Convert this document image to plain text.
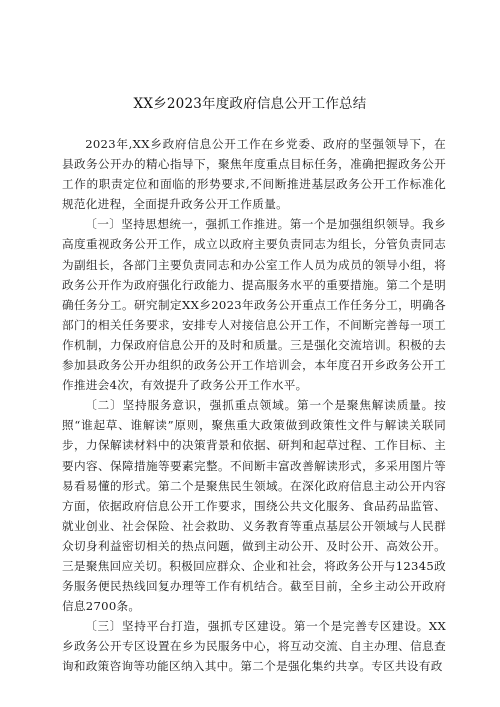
XX乡2023年度政府信息公开工作总结

2023年,XX乡政府信息公开工作在乡党委、政府的坚强领导下，在县政务公开办的精心指导下，聚焦年度重点目标任务，准确把握政务公开工作的职责定位和面临的形势要求,不间断推进基层政务公开工作标准化规范化进程，全面提升政务公开工作质量。

〔一〕坚持思想统一，强抓工作推进。第一个是加强组织领导。我乡高度重视政务公开工作，成立以政府主要负责同志为组长，分管负责同志为副组长，各部门主要负责同志和办公室工作人员为成员的领导小组，将政务公开作为政府强化行政能力、提高服务水平的重要措施。第二个是明确任务分工。研究制定XX乡2023年政务公开重点工作任务分工，明确各部门的相关任务要求，安排专人对接信息公开工作，不间断完善每一项工作机制，力保政府信息公开的及时和质量。三是强化交流培训。积极的去参加县政务公开办组织的政务公开工作培训会，本年度召开乡政务公开工作推进会4次，有效提升了政务公开工作水平。

〔二〕坚持服务意识，强抓重点领域。第一个是聚焦解读质量。按照“谁起草、谁解读”原则，聚焦重大政策做到政策性文件与解读关联同步，力保解读材料中的决策背景和依据、研判和起草过程、工作目标、主要内容、保障措施等要素完整。不间断丰富改善解读形式，多采用图片等易看易懂的形式。第二个是聚焦民生领域。在深化政府信息主动公开内容方面，依据政府信息公开工作要求，围绕公共文化服务、食品药品监管、就业创业、社会保险、社会救助、义务教育等重点基层公开领域与人民群众切身利益密切相关的热点问题，做到主动公开、及时公开、高效公开。三是聚焦回应关切。积极回应群众、企业和社会，将政务公开与12345政务服务便民热线回复办理等工作有机结合。截至目前，全乡主动公开政府信息2700条。

〔三〕坚持平台打造，强抓专区建设。第一个是完善专区建设。XX乡政务公开专区设置在乡为民服务中心，将互动交流、自主办理、信息查询和政策咨询等功能区纳入其中。第二个是强化集约共享。专区共设有政
